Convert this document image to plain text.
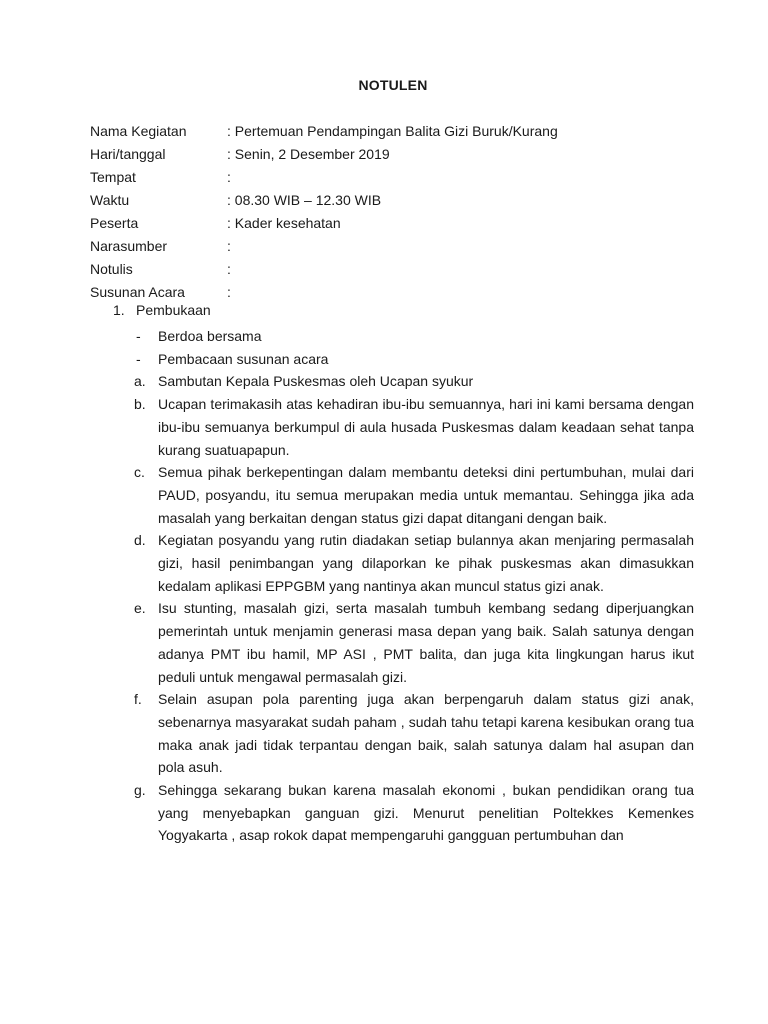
NOTULEN
Nama Kegiatan	: Pertemuan Pendampingan Balita Gizi Buruk/Kurang
Hari/tanggal	: Senin, 2 Desember 2019
Tempat	:
Waktu	: 08.30 WIB – 12.30 WIB
Peserta	: Kader kesehatan
Narasumber	:
Notulis	:
Susunan Acara	:
1. Pembukaan
-	Berdoa bersama
-	Pembacaan susunan acara
a. Sambutan Kepala Puskesmas oleh Ucapan syukur
b. Ucapan terimakasih atas kehadiran ibu-ibu semuannya, hari ini kami bersama dengan ibu-ibu semuanya berkumpul di aula husada Puskesmas dalam keadaan sehat tanpa kurang suatuapapun.
c. Semua pihak berkepentingan dalam membantu deteksi dini pertumbuhan, mulai dari PAUD, posyandu, itu semua merupakan media untuk memantau. Sehingga jika ada masalah yang berkaitan dengan status gizi dapat ditangani dengan baik.
d. Kegiatan posyandu yang rutin diadakan setiap bulannya akan menjaring permasalah gizi, hasil penimbangan yang dilaporkan ke pihak puskesmas akan dimasukkan kedalam aplikasi EPPGBM yang nantinya akan muncul status gizi anak.
e. Isu stunting, masalah gizi, serta masalah tumbuh kembang sedang diperjuangkan pemerintah untuk menjamin generasi masa depan yang baik. Salah satunya dengan adanya PMT ibu hamil, MP ASI , PMT balita, dan juga kita lingkungan harus ikut peduli untuk mengawal permasalah gizi.
f.	Selain asupan pola parenting juga akan berpengaruh dalam status gizi anak, sebenarnya masyarakat sudah paham , sudah tahu tetapi karena kesibukan orang tua maka anak jadi tidak terpantau dengan baik, salah satunya dalam hal asupan dan pola asuh.
g. Sehingga sekarang bukan karena masalah ekonomi , bukan pendidikan orang tua yang menyebapkan ganguan gizi. Menurut penelitian Poltekkes Kemenkes Yogyakarta , asap rokok dapat mempengaruhi gangguan pertumbuhan dan
